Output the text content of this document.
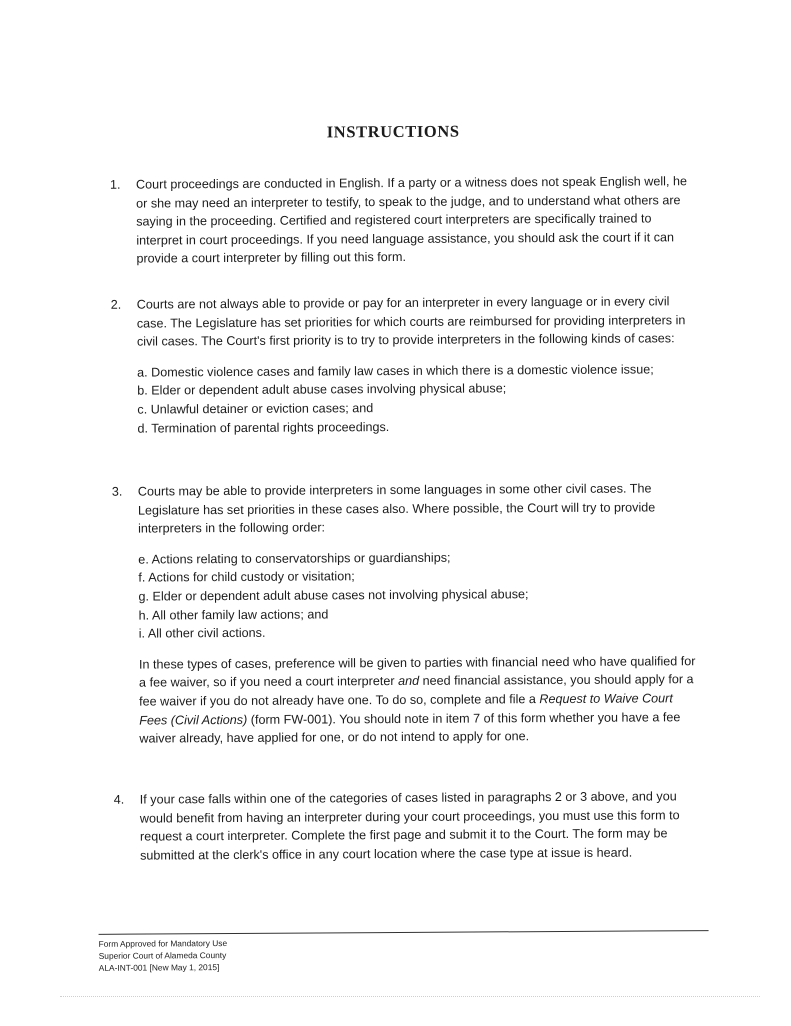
INSTRUCTIONS
1.	Court proceedings are conducted in English. If a party or a witness does not speak English well, he or she may need an interpreter to testify, to speak to the judge, and to understand what others are saying in the proceeding. Certified and registered court interpreters are specifically trained to interpret in court proceedings. If you need language assistance, you should ask the court if it can provide a court interpreter by filling out this form.

2.	Courts are not always able to provide or pay for an interpreter in every language or in every civil case. The Legislature has set priorities for which courts are reimbursed for providing interpreters in civil cases. The Court's first priority is to try to provide interpreters in the following kinds of cases:

a. Domestic violence cases and family law cases in which there is a domestic violence issue;
b. Elder or dependent adult abuse cases involving physical abuse;
c. Unlawful detainer or eviction cases; and
d. Termination of parental rights proceedings.
3.	Courts may be able to provide interpreters in some languages in some other civil cases. The Legislature has set priorities in these cases also. Where possible, the Court will try to provide interpreters in the following order:

e. Actions relating to conservatorships or guardianships;
f. Actions for child custody or visitation;
g. Elder or dependent adult abuse cases not involving physical abuse;
h. All other family law actions; and
i. All other civil actions.

In these types of cases, preference will be given to parties with financial need who have qualified for a fee waiver, so if you need a court interpreter and need financial assistance, you should apply for a fee waiver if you do not already have one. To do so, complete and file a Request to Waive Court Fees (Civil Actions) (form FW-001). You should note in item 7 of this form whether you have a fee waiver already, have applied for one, or do not intend to apply for one.

4.	If your case falls within one of the categories of cases listed in paragraphs 2 or 3 above, and you would benefit from having an interpreter during your court proceedings, you must use this form to request a court interpreter. Complete the first page and submit it to the Court. The form may be submitted at the clerk's office in any court location where the case type at issue is heard.

Form Approved for Mandatory Use
Superior Court of Alameda County
ALA-INT-001 [New May 1, 2015]
